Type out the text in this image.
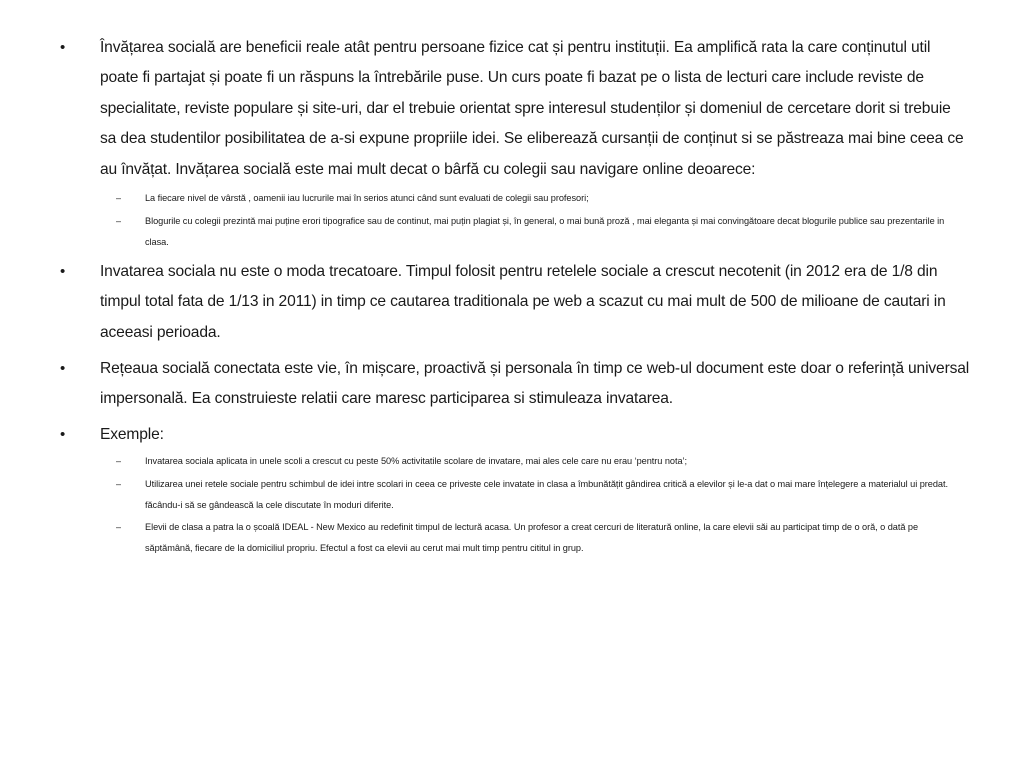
• Învățarea socială are beneficii reale atât pentru persoane fizice cat și pentru instituții. Ea amplifică rata la care conținutul util poate fi partajat și poate fi un răspuns la întrebările puse. Un curs poate fi bazat pe o lista de lecturi care include reviste de specialitate, reviste populare și site-uri, dar el trebuie orientat spre interesul studenților și domeniul de cercetare dorit si trebuie sa dea studentilor posibilitatea de a-si expune propriile idei. Se eliberează cursanții de conținut si se păstreaza mai bine ceea ce au învățat. Invățarea socială este mai mult decat o bârfă cu colegii sau navigare online deoarece:
–	La fiecare nivel de vârstă , oamenii iau lucrurile mai în serios atunci când sunt evaluati de colegii sau profesori;
–	Blogurile cu colegii prezintă mai puține erori tipografice sau de continut, mai puțin plagiat și, în general, o mai bună proză , mai eleganta și mai convingătoare decat blogurile publice sau prezentarile in clasa.
• Invatarea sociala nu este o moda trecatoare. Timpul folosit pentru retelele sociale a crescut necotenit (in 2012 era de 1/8 din timpul total fata de 1/13 in 2011) in timp ce cautarea traditionala pe web a scazut cu mai mult de 500 de milioane de cautari in aceeasi perioada.
• Rețeaua socială conectata este vie, în mișcare, proactivă și personala în timp ce web-ul document este doar o referință universal impersonală. Ea construieste relatii care maresc participarea si stimuleaza invatarea.
• Exemple:
–	Invatarea sociala aplicata in unele scoli a crescut cu peste 50% activitatile scolare de invatare, mai ales cele care nu erau ‘pentru nota’;
–	Utilizarea unei retele sociale pentru schimbul de idei intre scolari in ceea ce priveste cele invatate in clasa a îmbunătățit gândirea critică a elevilor și le-a dat o mai mare înțelegere a materialul ui predat. făcându-i să se gândească la cele discutate în moduri diferite.
–	Elevii de clasa a patra la o școală IDEAL - New Mexico au redefinit timpul de lectură acasa. Un profesor a creat cercuri de literatură online, la care elevii săi au participat timp de o oră, o dată pe săptămână, fiecare de la domiciliul propriu. Efectul a fost ca elevii au cerut mai mult timp pentru cititul in grup.
